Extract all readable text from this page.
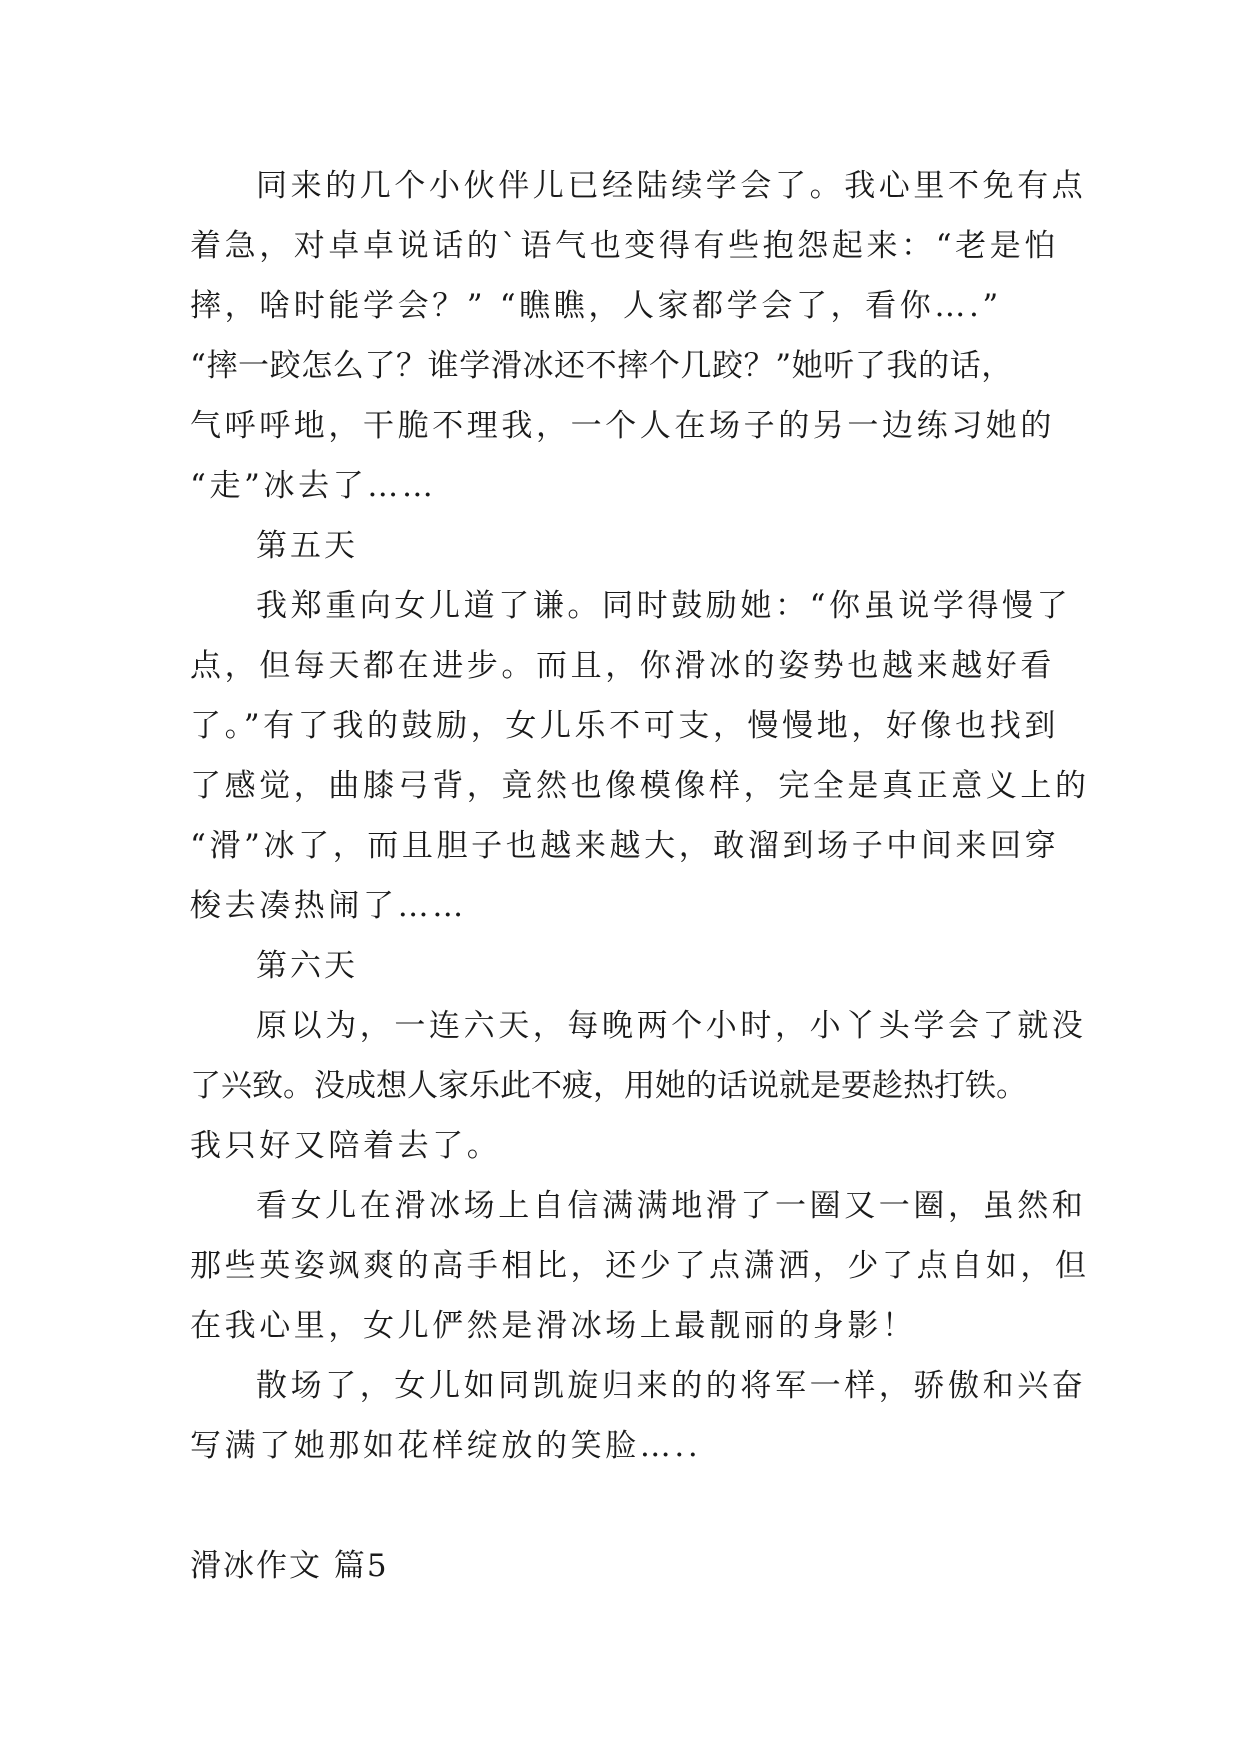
同来的几个小伙伴儿已经陆续学会了。我心里不免有点
着急，对卓卓说话的`语气也变得有些抱怨起来：“老是怕
摔，啥时能学会？” “瞧瞧，人家都学会了，看你….”
“摔一跤怎么了？谁学滑冰还不摔个几跤？”她听了我的话，
气呼呼地，干脆不理我，一个人在场子的另一边练习她的
“走”冰去了……
第五天
我郑重向女儿道了谦。同时鼓励她：“你虽说学得慢了
点，但每天都在进步。而且，你滑冰的姿势也越来越好看
了。”有了我的鼓励，女儿乐不可支，慢慢地，好像也找到
了感觉，曲膝弓背，竟然也像模像样，完全是真正意义上的
“滑”冰了，而且胆子也越来越大，敢溜到场子中间来回穿
梭去凑热闹了……
第六天
原以为，一连六天，每晚两个小时，小丫头学会了就没
了兴致。没成想人家乐此不疲，用她的话说就是要趁热打铁。
我只好又陪着去了。
看女儿在滑冰场上自信满满地滑了一圈又一圈，虽然和
那些英姿飒爽的高手相比，还少了点潇洒，少了点自如，但
在我心里，女儿俨然是滑冰场上最靓丽的身影！
散场了，女儿如同凯旋归来的的将军一样，骄傲和兴奋
写满了她那如花样绽放的笑脸…..
滑冰作文 篇5
